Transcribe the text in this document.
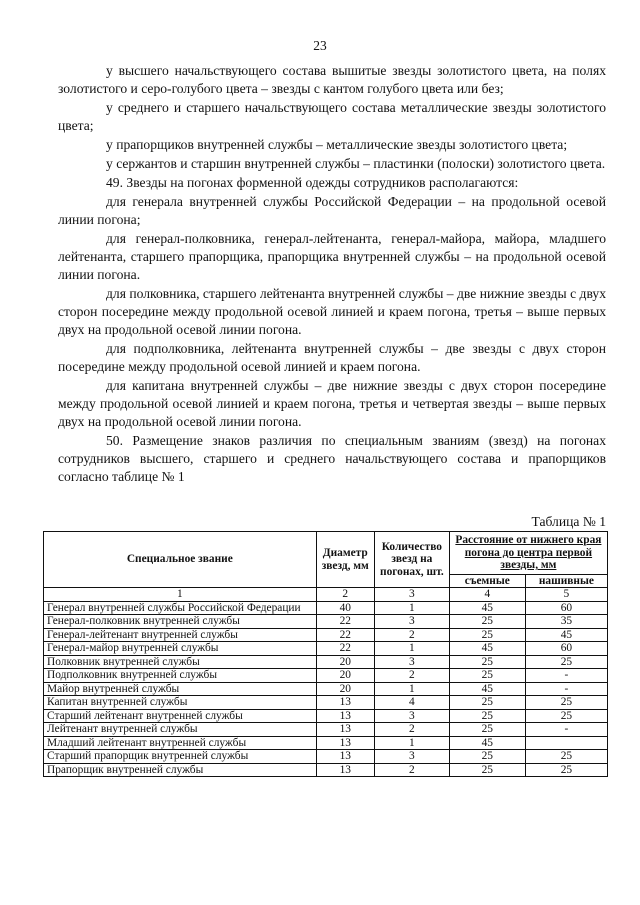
23

у высшего начальствующего состава вышитые звезды золотистого цвета, на полях золотистого и серо-голубого цвета – звезды с кантом голубого цвета или без;

у среднего и старшего начальствующего состава металлические звезды золотистого цвета;

у прапорщиков внутренней службы – металлические звезды золотистого цвета;

у сержантов и старшин внутренней службы – пластинки (полоски) золотистого цвета.

49. Звезды на погонах форменной одежды сотрудников располагаются:

для генерала внутренней службы Российской Федерации – на продольной осевой линии погона;

для генерал-полковника, генерал-лейтенанта, генерал-майора, майора, младшего лейтенанта, старшего прапорщика, прапорщика внутренней службы – на продольной осевой линии погона.

для полковника, старшего лейтенанта внутренней службы – две нижние звезды с двух сторон посередине между продольной осевой линией и краем погона, третья – выше первых двух на продольной осевой линии погона.

для подполковника, лейтенанта внутренней службы – две звезды с двух сторон посередине между продольной осевой линией и краем погона.

для капитана внутренней службы – две нижние звезды с двух сторон посередине между продольной осевой линией и краем погона, третья и четвертая звезды – выше первых двух на продольной осевой линии погона.

50. Размещение знаков различия по специальным званиям (звезд) на погонах сотрудников высшего, старшего и среднего начальствующего состава и прапорщиков согласно таблице № 1

Таблица № 1
Специальное звание	Диаметр звезд, мм	Количество звезд на погонах, шт.	Расстояние от нижнего края погона до центра первой звезды, мм	
			съемные	нашивные
1	2	3	4	5
Генерал внутренней службы Российской Федерации	40	1	45	60
Генерал-полковник внутренней службы	22	3	25	35
Генерал-лейтенант внутренней службы	22	2	25	45
Генерал-майор внутренней службы	22	1	45	60
Полковник внутренней службы	20	3	25	25
Подполковник внутренней службы	20	2	25	-
Майор внутренней службы	20	1	45	-
Капитан внутренней службы	13	4	25	25
Старший лейтенант внутренней службы	13	3	25	25
Лейтенант внутренней службы	13	2	25	-
Младший лейтенант внутренней службы	13	1	45	
Старший прапорщик внутренней службы	13	3	25	25
Прапорщик внутренней службы	13	2	25	25
